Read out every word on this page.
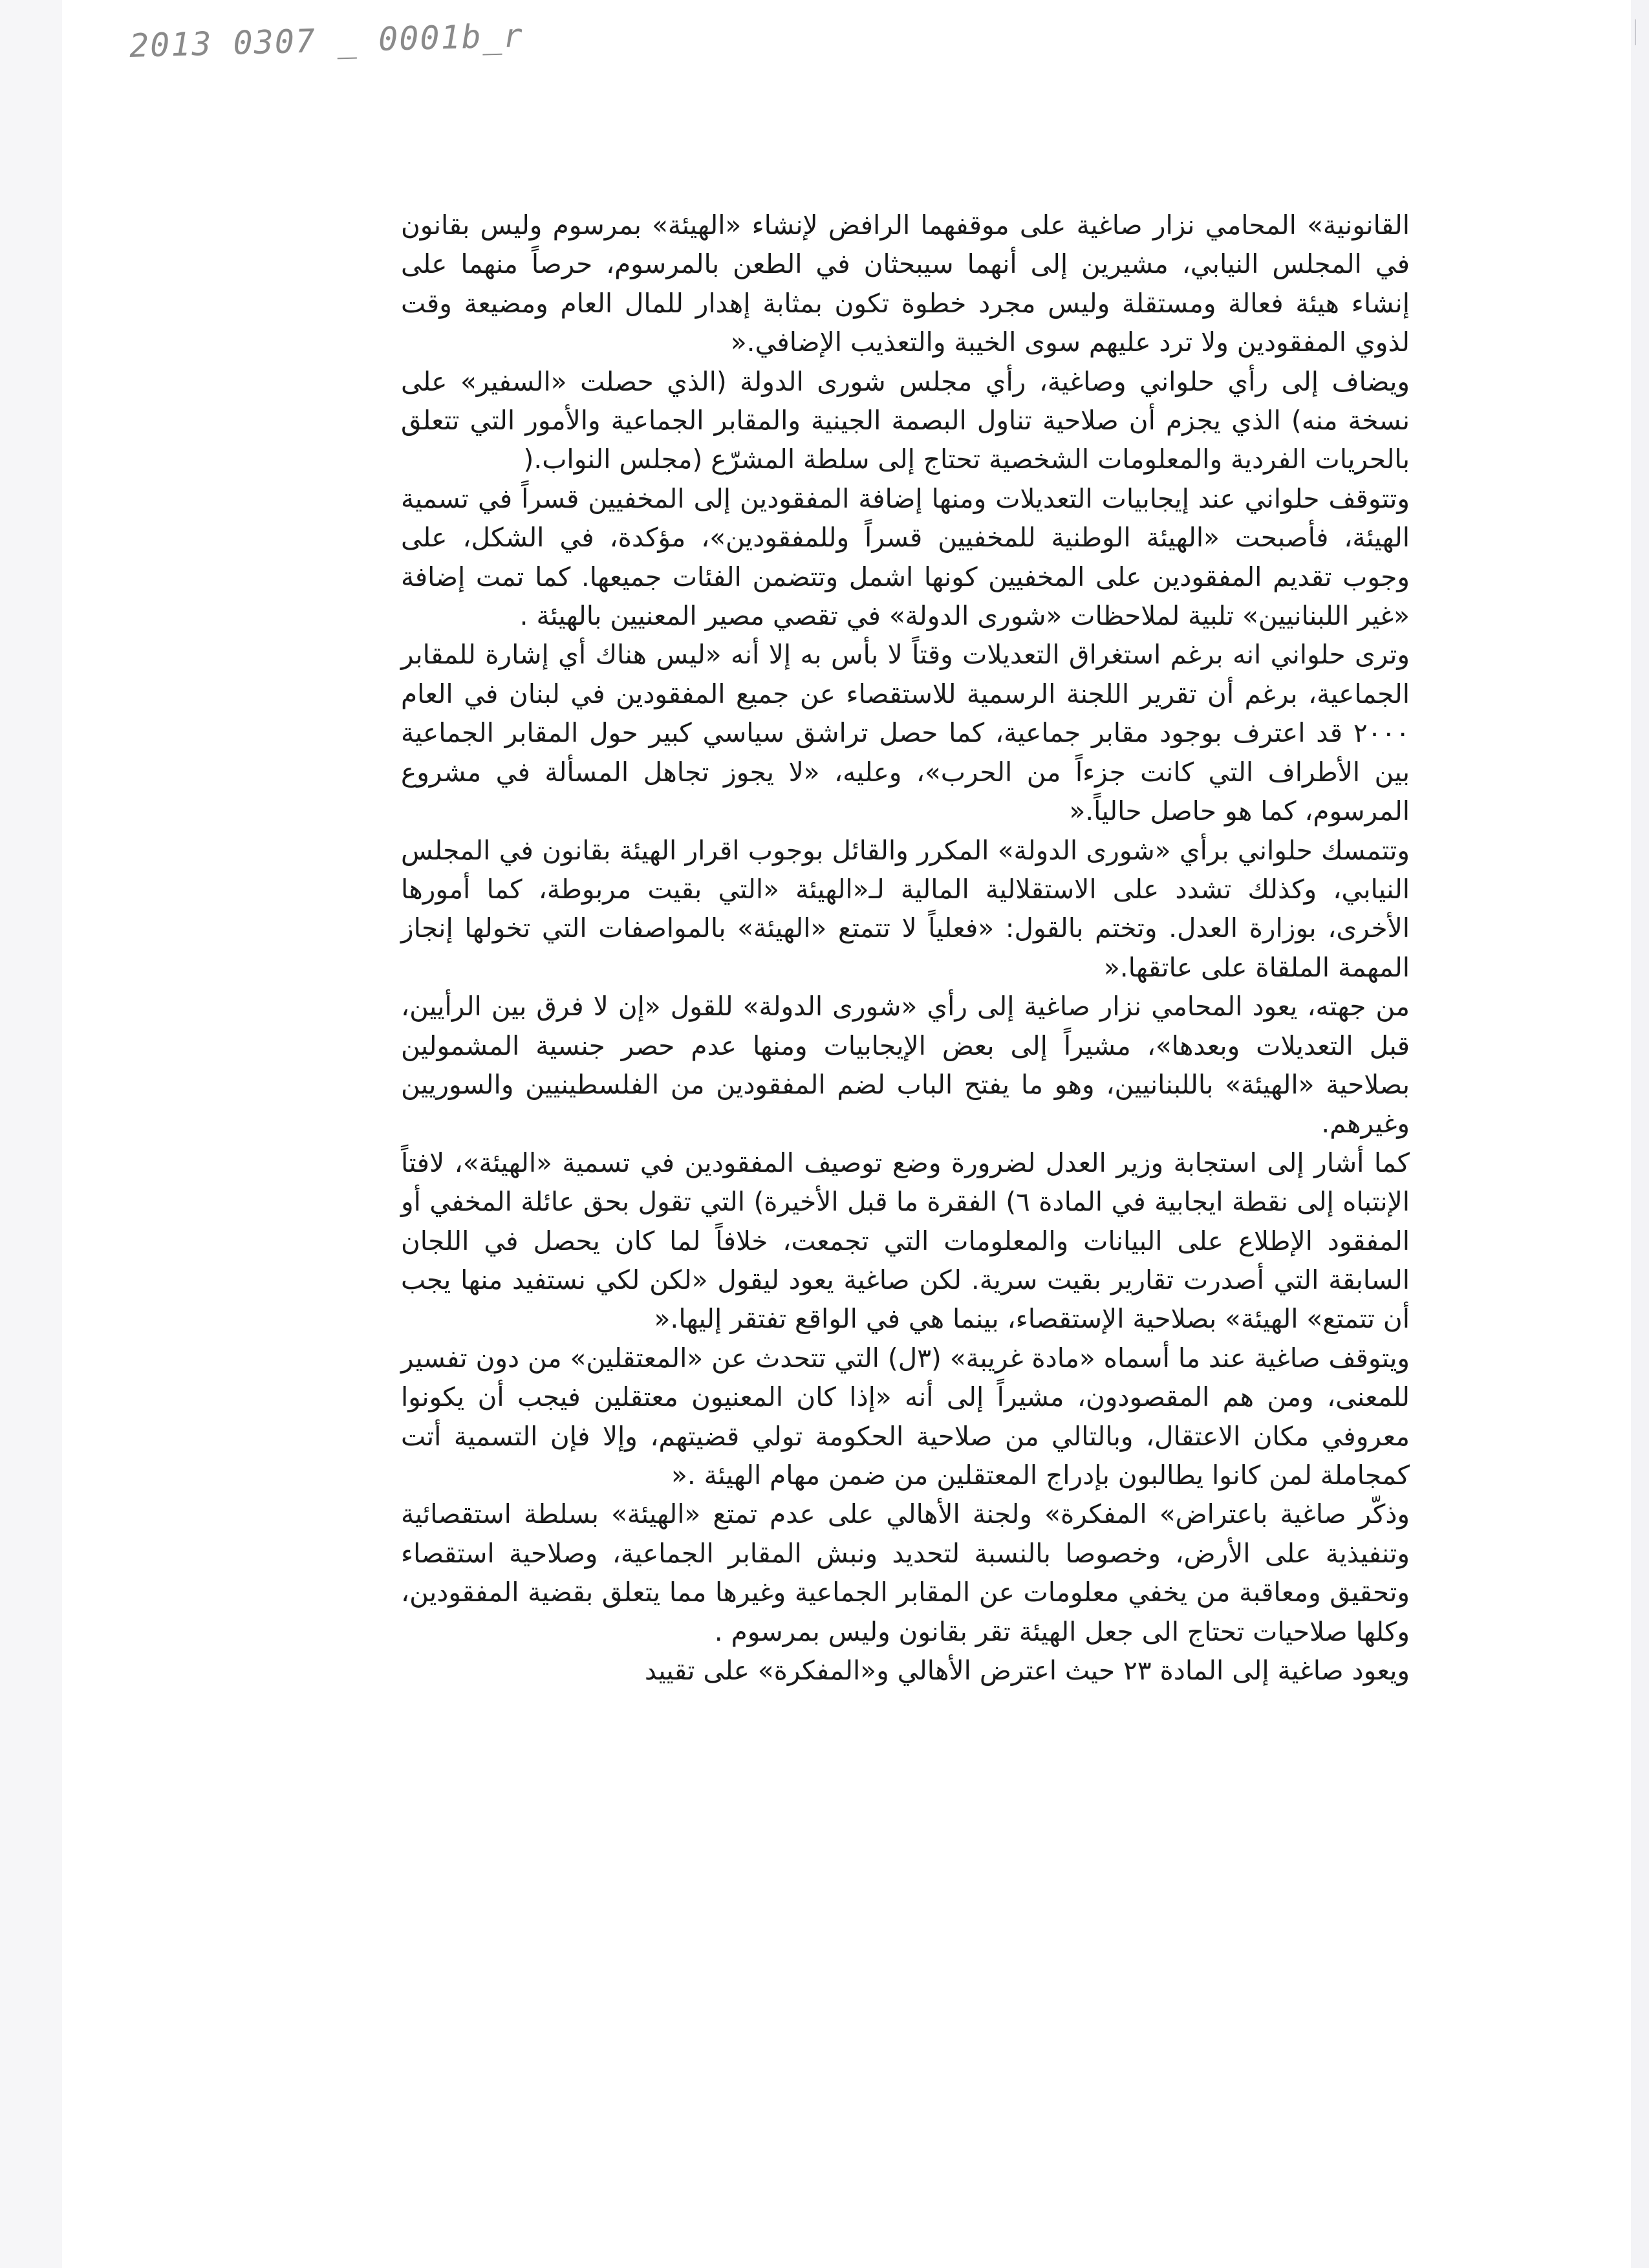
2013 0307 _ 0001b_r

القانونية» المحامي نزار صاغية على موقفهما الرافض لإنشاء «الهيئة» بمرسوم وليس بقانون في المجلس النيابي، مشيرين إلى أنهما سيبحثان في الطعن بالمرسوم، حرصاً منهما على إنشاء هيئة فعالة ومستقلة وليس مجرد خطوة تكون بمثابة إهدار للمال العام ومضيعة وقت لذوي المفقودين ولا ترد عليهم سوى الخيبة والتعذيب الإضافي.«

ويضاف إلى رأي حلواني وصاغية، رأي مجلس شورى الدولة (الذي حصلت «السفير» على نسخة منه) الذي يجزم أن صلاحية تناول البصمة الجينية والمقابر الجماعية والأمور التي تتعلق بالحريات الفردية والمعلومات الشخصية تحتاج إلى سلطة المشرّع (مجلس النواب.(

وتتوقف حلواني عند إيجابيات التعديلات ومنها إضافة المفقودين إلى المخفيين قسراً في تسمية الهيئة، فأصبحت «الهيئة الوطنية للمخفيين قسراً وللمفقودين»، مؤكدة، في الشكل، على وجوب تقديم المفقودين على المخفيين كونها اشمل وتتضمن الفئات جميعها. كما تمت إضافة «غير اللبنانيين» تلبية لملاحظات «شورى الدولة» في تقصي مصير المعنيين بالهيئة .

وترى حلواني انه برغم استغراق التعديلات وقتاً لا بأس به إلا أنه «ليس هناك أي إشارة للمقابر الجماعية، برغم أن تقرير اللجنة الرسمية للاستقصاء عن جميع المفقودين في لبنان في العام ٢٠٠٠ قد اعترف بوجود مقابر جماعية، كما حصل تراشق سياسي كبير حول المقابر الجماعية بين الأطراف التي كانت جزءاً من الحرب»، وعليه، «لا يجوز تجاهل المسألة في مشروع المرسوم، كما هو حاصل حالياً.«

وتتمسك حلواني برأي «شورى الدولة» المكرر والقائل بوجوب اقرار الهيئة بقانون في المجلس النيابي، وكذلك تشدد على الاستقلالية المالية لـ«الهيئة «التي بقيت مربوطة، كما أمورها الأخرى، بوزارة العدل. وتختم بالقول: «فعلياً لا تتمتع «الهيئة» بالمواصفات التي تخولها إنجاز المهمة الملقاة على عاتقها.«

من جهته، يعود المحامي نزار صاغية إلى رأي «شورى الدولة» للقول «إن لا فرق بين الرأيين، قبل التعديلات وبعدها»، مشيراً إلى بعض الإيجابيات ومنها عدم حصر جنسية المشمولين بصلاحية «الهيئة» باللبنانيين، وهو ما يفتح الباب لضم المفقودين من الفلسطينيين والسوريين وغيرهم.

كما أشار إلى استجابة وزير العدل لضرورة وضع توصيف المفقودين في تسمية «الهيئة»، لافتاً الإنتباه إلى نقطة ايجابية في المادة ٦) الفقرة ما قبل الأخيرة) التي تقول بحق عائلة المخفي أو المفقود الإطلاع على البيانات والمعلومات التي تجمعت، خلافاً لما كان يحصل في اللجان السابقة التي أصدرت تقارير بقيت سرية. لكن صاغية يعود ليقول «لكن لكي نستفيد منها يجب أن تتمتع» الهيئة» بصلاحية الإستقصاء، بينما هي في الواقع تفتقر إليها.«

ويتوقف صاغية عند ما أسماه «مادة غريبة» (٣ل) التي تتحدث عن «المعتقلين» من دون تفسير للمعنى، ومن هم المقصودون، مشيراً إلى أنه «إذا كان المعنيون معتقلين فيجب أن يكونوا معروفي مكان الاعتقال، وبالتالي من صلاحية الحكومة تولي قضيتهم، وإلا فإن التسمية أتت كمجاملة لمن كانوا يطالبون بإدراج المعتقلين من ضمن مهام الهيئة .«

وذكّر صاغية باعتراض» المفكرة» ولجنة الأهالي على عدم تمتع «الهيئة» بسلطة استقصائية وتنفيذية على الأرض، وخصوصا بالنسبة لتحديد ونبش المقابر الجماعية، وصلاحية استقصاء وتحقيق ومعاقبة من يخفي معلومات عن المقابر الجماعية وغيرها مما يتعلق بقضية المفقودين، وكلها صلاحيات تحتاج الى جعل الهيئة تقر بقانون وليس بمرسوم .

ويعود صاغية إلى المادة ٢٣ حيث اعترض الأهالي و«المفكرة» على تقييد
